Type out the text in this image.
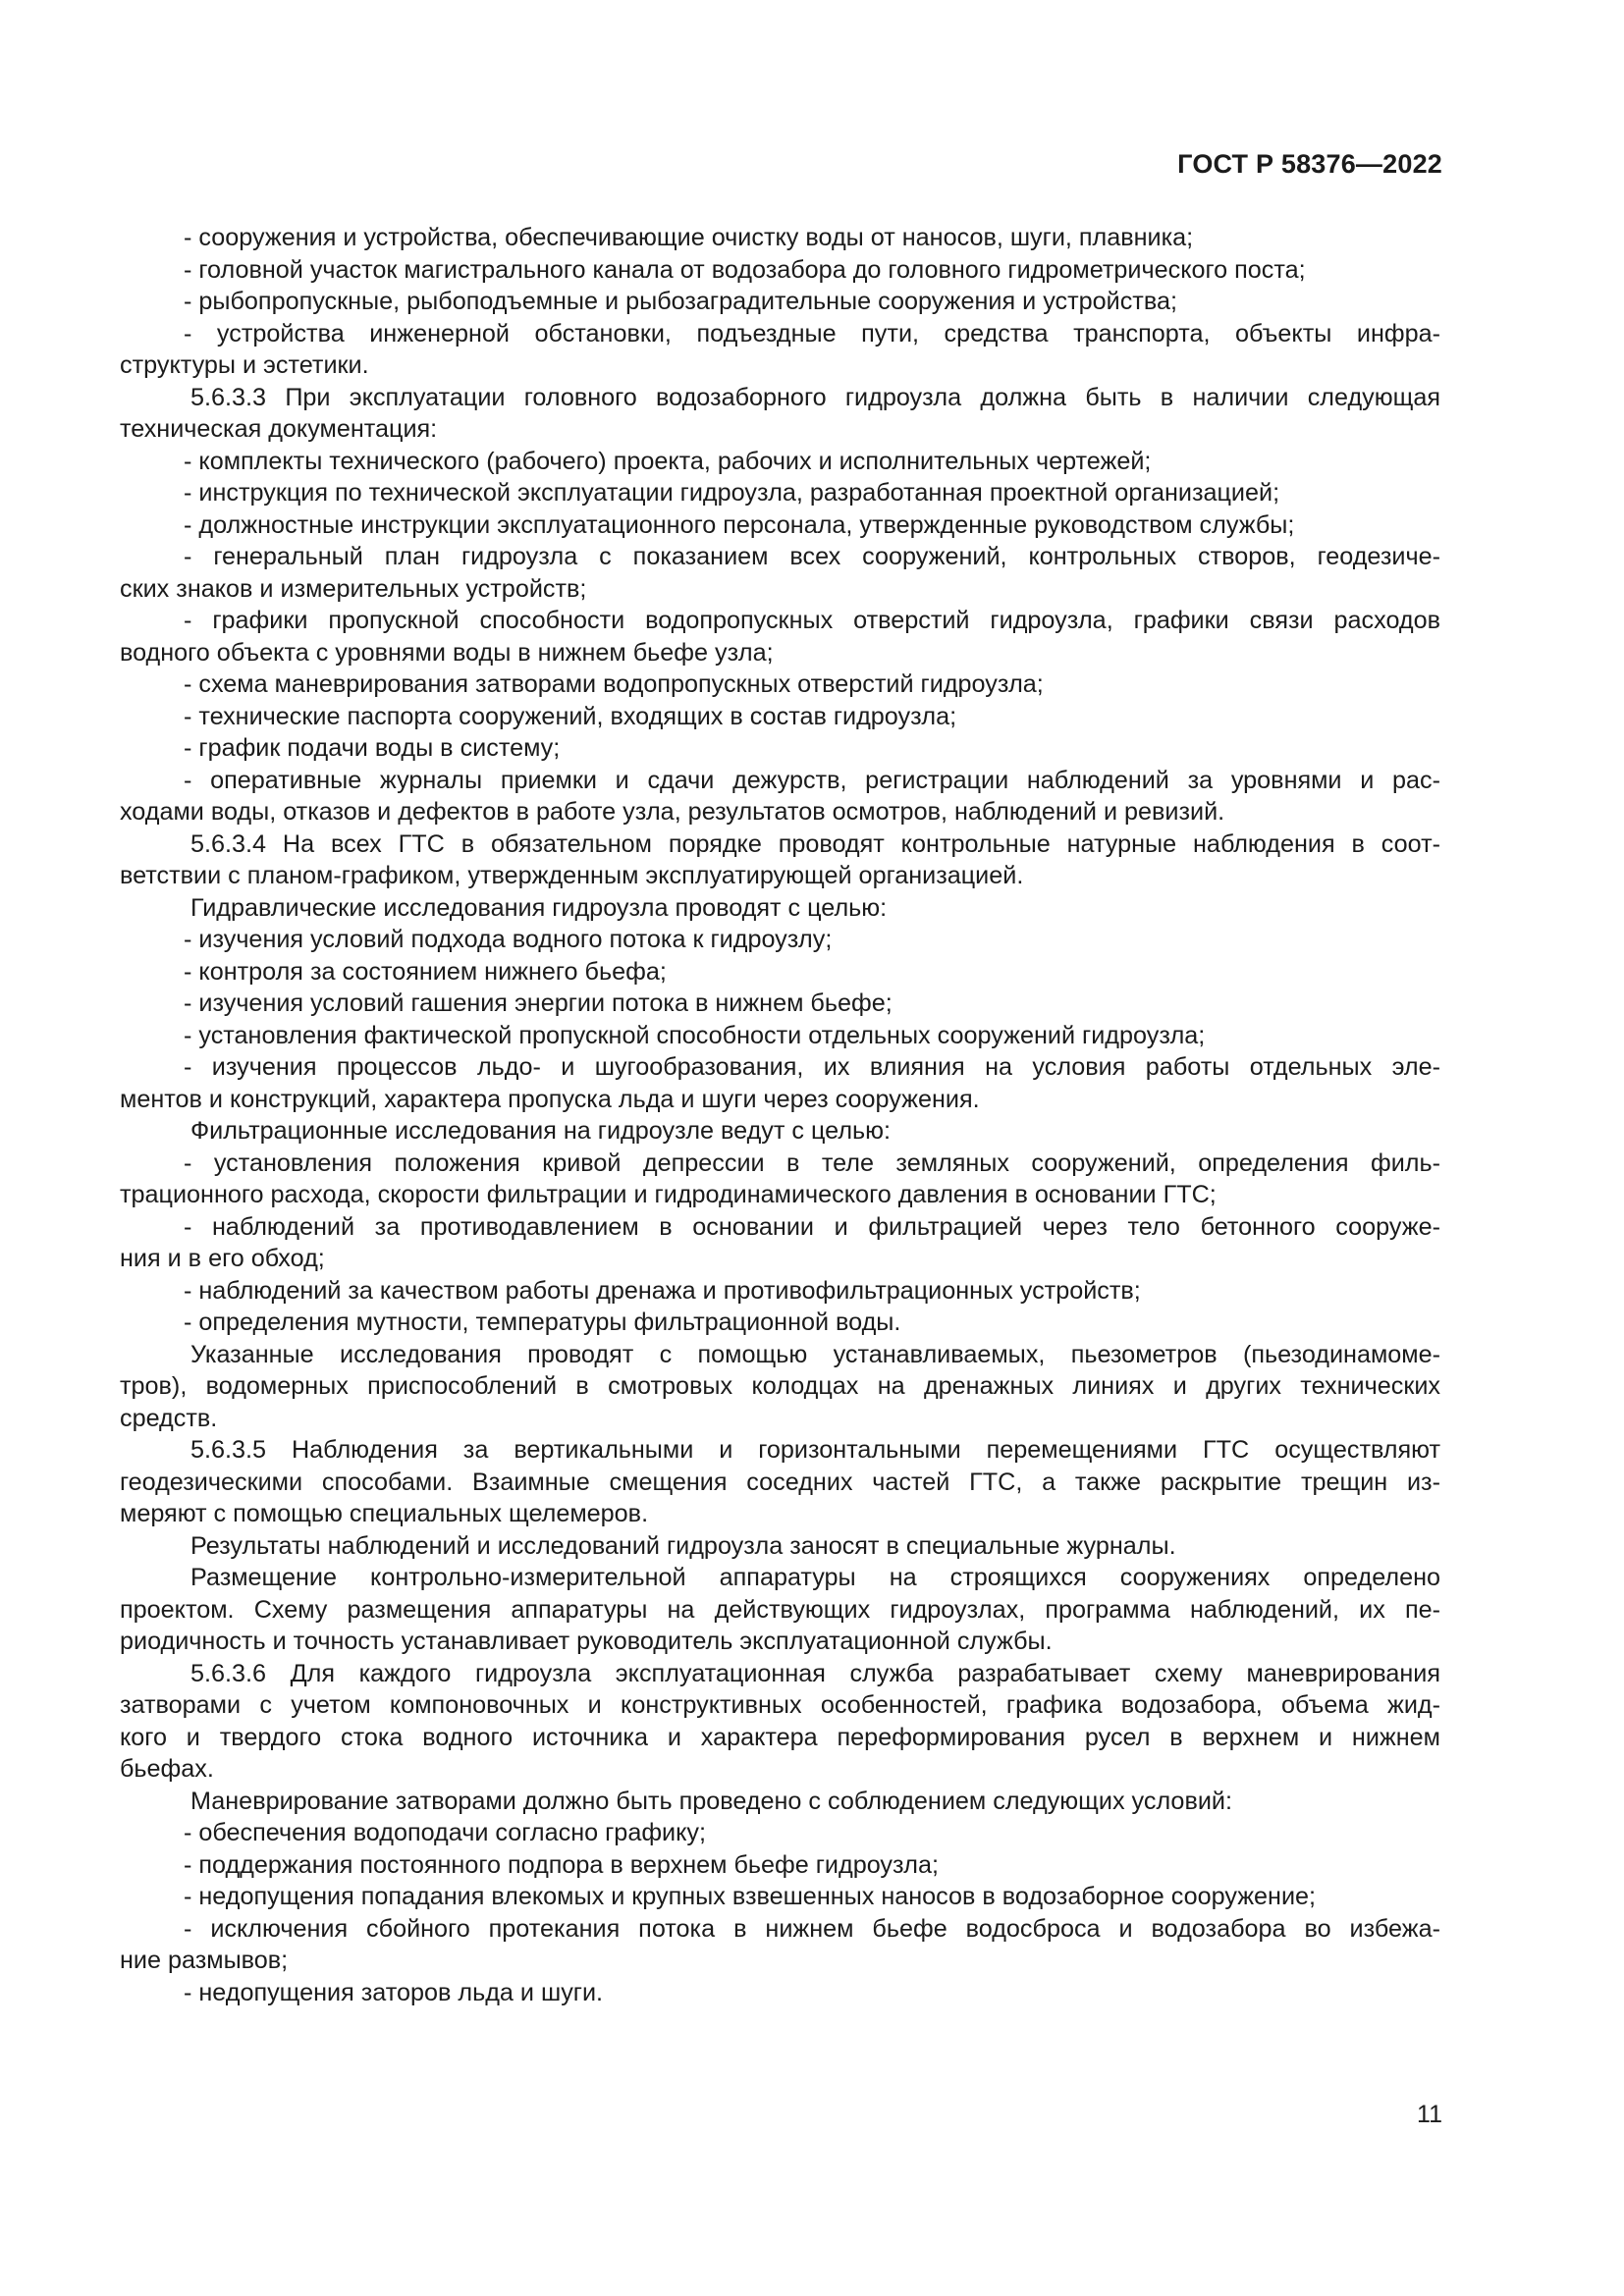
ГОСТ Р 58376—2022
- сооружения и устройства, обеспечивающие очистку воды от наносов, шуги, плавника;
- головной участок магистрального канала от водозабора до головного гидрометрического поста;
- рыбопропускные, рыбоподъемные и рыбозаградительные сооружения и устройства;
- устройства инженерной обстановки, подъездные пути, средства транспорта, объекты инфра-
структуры и эстетики.
5.6.3.3 При эксплуатации головного водозаборного гидроузла должна быть в наличии следующая
техническая документация:
- комплекты технического (рабочего) проекта, рабочих и исполнительных чертежей;
- инструкция по технической эксплуатации гидроузла, разработанная проектной организацией;
- должностные инструкции эксплуатационного персонала, утвержденные руководством службы;
- генеральный план гидроузла с показанием всех сооружений, контрольных створов, геодезиче-
ских знаков и измерительных устройств;
- графики пропускной способности водопропускных отверстий гидроузла, графики связи расходов
водного объекта с уровнями воды в нижнем бьефе узла;
- схема маневрирования затворами водопропускных отверстий гидроузла;
- технические паспорта сооружений, входящих в состав гидроузла;
- график подачи воды в систему;
- оперативные журналы приемки и сдачи дежурств, регистрации наблюдений за уровнями и рас-
ходами воды, отказов и дефектов в работе узла, результатов осмотров, наблюдений и ревизий.
5.6.3.4 На всех ГТС в обязательном порядке проводят контрольные натурные наблюдения в соот-
ветствии с планом-графиком, утвержденным эксплуатирующей организацией.
Гидравлические исследования гидроузла проводят с целью:
- изучения условий подхода водного потока к гидроузлу;
- контроля за состоянием нижнего бьефа;
- изучения условий гашения энергии потока в нижнем бьефе;
- установления фактической пропускной способности отдельных сооружений гидроузла;
- изучения процессов льдо- и шугообразования, их влияния на условия работы отдельных эле-
ментов и конструкций, характера пропуска льда и шуги через сооружения.
Фильтрационные исследования на гидроузле ведут с целью:
- установления положения кривой депрессии в теле земляных сооружений, определения филь-
трационного расхода, скорости фильтрации и гидродинамического давления в основании ГТС;
- наблюдений за противодавлением в основании и фильтрацией через тело бетонного сооруже-
ния и в его обход;
- наблюдений за качеством работы дренажа и противофильтрационных устройств;
- определения мутности, температуры фильтрационной воды.
Указанные исследования проводят с помощью устанавливаемых, пьезометров (пьезодинамоме-
тров), водомерных приспособлений в смотровых колодцах на дренажных линиях и других технических
средств.
5.6.3.5 Наблюдения за вертикальными и горизонтальными перемещениями ГТС осуществляют
геодезическими способами. Взаимные смещения соседних частей ГТС, а также раскрытие трещин из-
меряют с помощью специальных щелемеров.
Результаты наблюдений и исследований гидроузла заносят в специальные журналы.
Размещение контрольно-измерительной аппаратуры на строящихся сооружениях определено
проектом. Схему размещения аппаратуры на действующих гидроузлах, программа наблюдений, их пе-
риодичность и точность устанавливает руководитель эксплуатационной службы.
5.6.3.6 Для каждого гидроузла эксплуатационная служба разрабатывает схему маневрирования
затворами с учетом компоновочных и конструктивных особенностей, графика водозабора, объема жид-
кого и твердого стока водного источника и характера переформирования русел в верхнем и нижнем
бьефах.
Маневрирование затворами должно быть проведено с соблюдением следующих условий:
- обеспечения водоподачи согласно графику;
- поддержания постоянного подпора в верхнем бьефе гидроузла;
- недопущения попадания влекомых и крупных взвешенных наносов в водозаборное сооружение;
- исключения сбойного протекания потока в нижнем бьефе водосброса и водозабора во избежа-
ние размывов;
- недопущения заторов льда и шуги.
11
